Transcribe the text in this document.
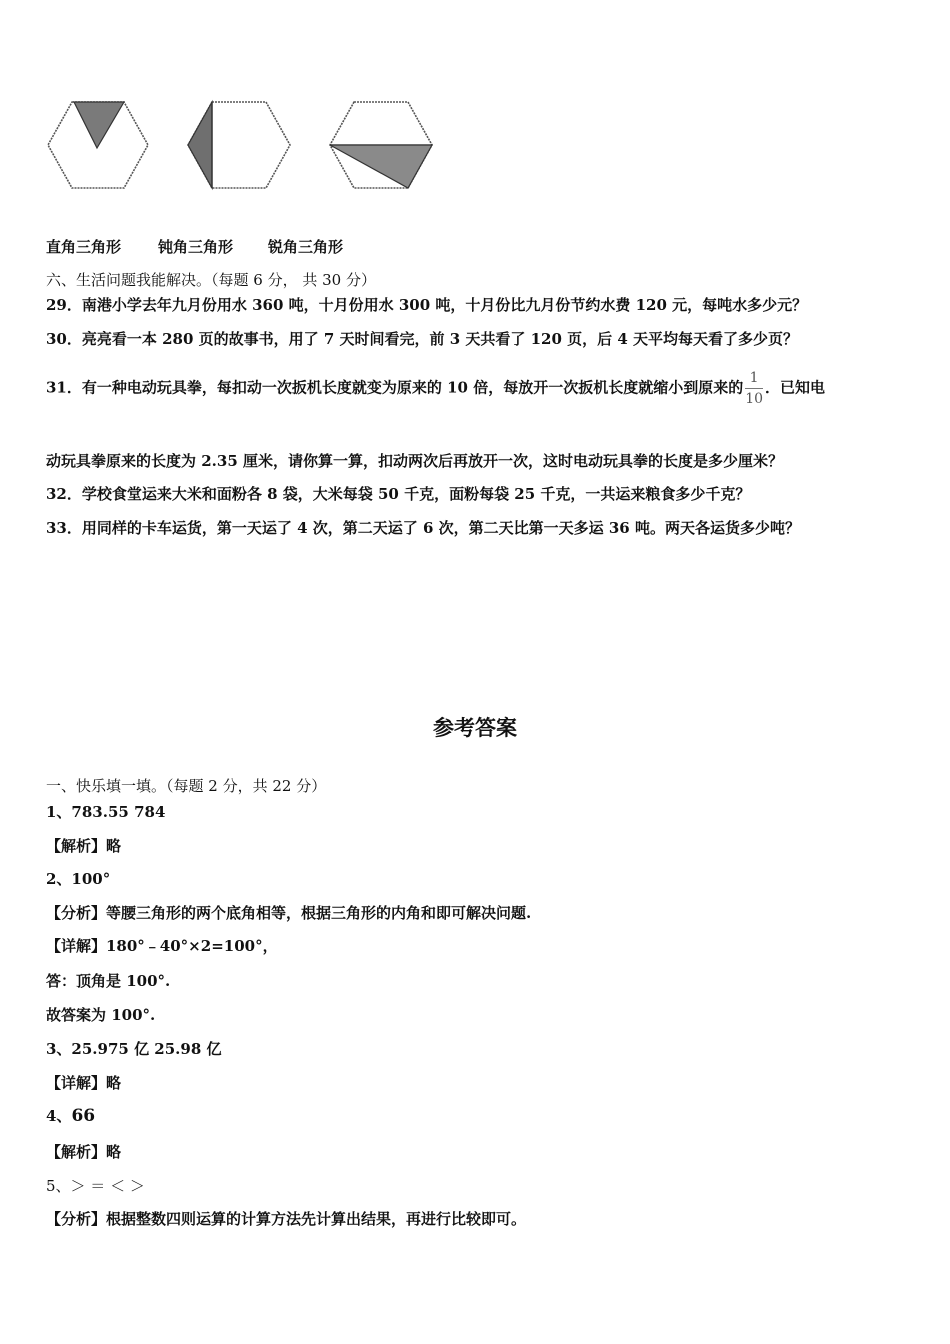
直角三角形 钝角三角形 锐角三角形
六、生活问题我能解决。（每题 6 分， 共 30 分）
29．南港小学去年九月份用水 360 吨，十月份用水 300 吨，十月份比九月份节约水费 120 元，每吨水多少元？
30．亮亮看一本 280 页的故事书，用了 7 天时间看完，前 3 天共看了 120 页，后 4 天平均每天看了多少页？
31．有一种电动玩具拳，每扣动一次扳机长度就变为原来的 10 倍，每放开一次扳机长度就缩小到原来的 $\frac{1}{10}$ ．已知电
动玩具拳原来的长度为 2.35 厘米，请你算一算，扣动两次后再放开一次，这时电动玩具拳的长度是多少厘米？
32．学校食堂运来大米和面粉各 8 袋，大米每袋 50 千克，面粉每袋 25 千克，一共运来粮食多少千克？
33．用同样的卡车运货，第一天运了 4 次，第二天运了 6 次，第二天比第一天多运 36 吨。两天各运货多少吨？
参考答案
一、快乐填一填。（每题 2 分，共 22 分）
1、783.55 784
【解析】略
2、100°
【分析】等腰三角形的两个底角相等，根据三角形的内角和即可解决问题.
【详解】180°﹣40°×2=100°，
答：顶角是 100°.
故答案为 100°.
3、25.975 亿 25.98 亿
【详解】略
4、66
【解析】略
5、＞ ＝ ＜ ＞
【分析】根据整数四则运算的计算方法先计算出结果，再进行比较即可。
